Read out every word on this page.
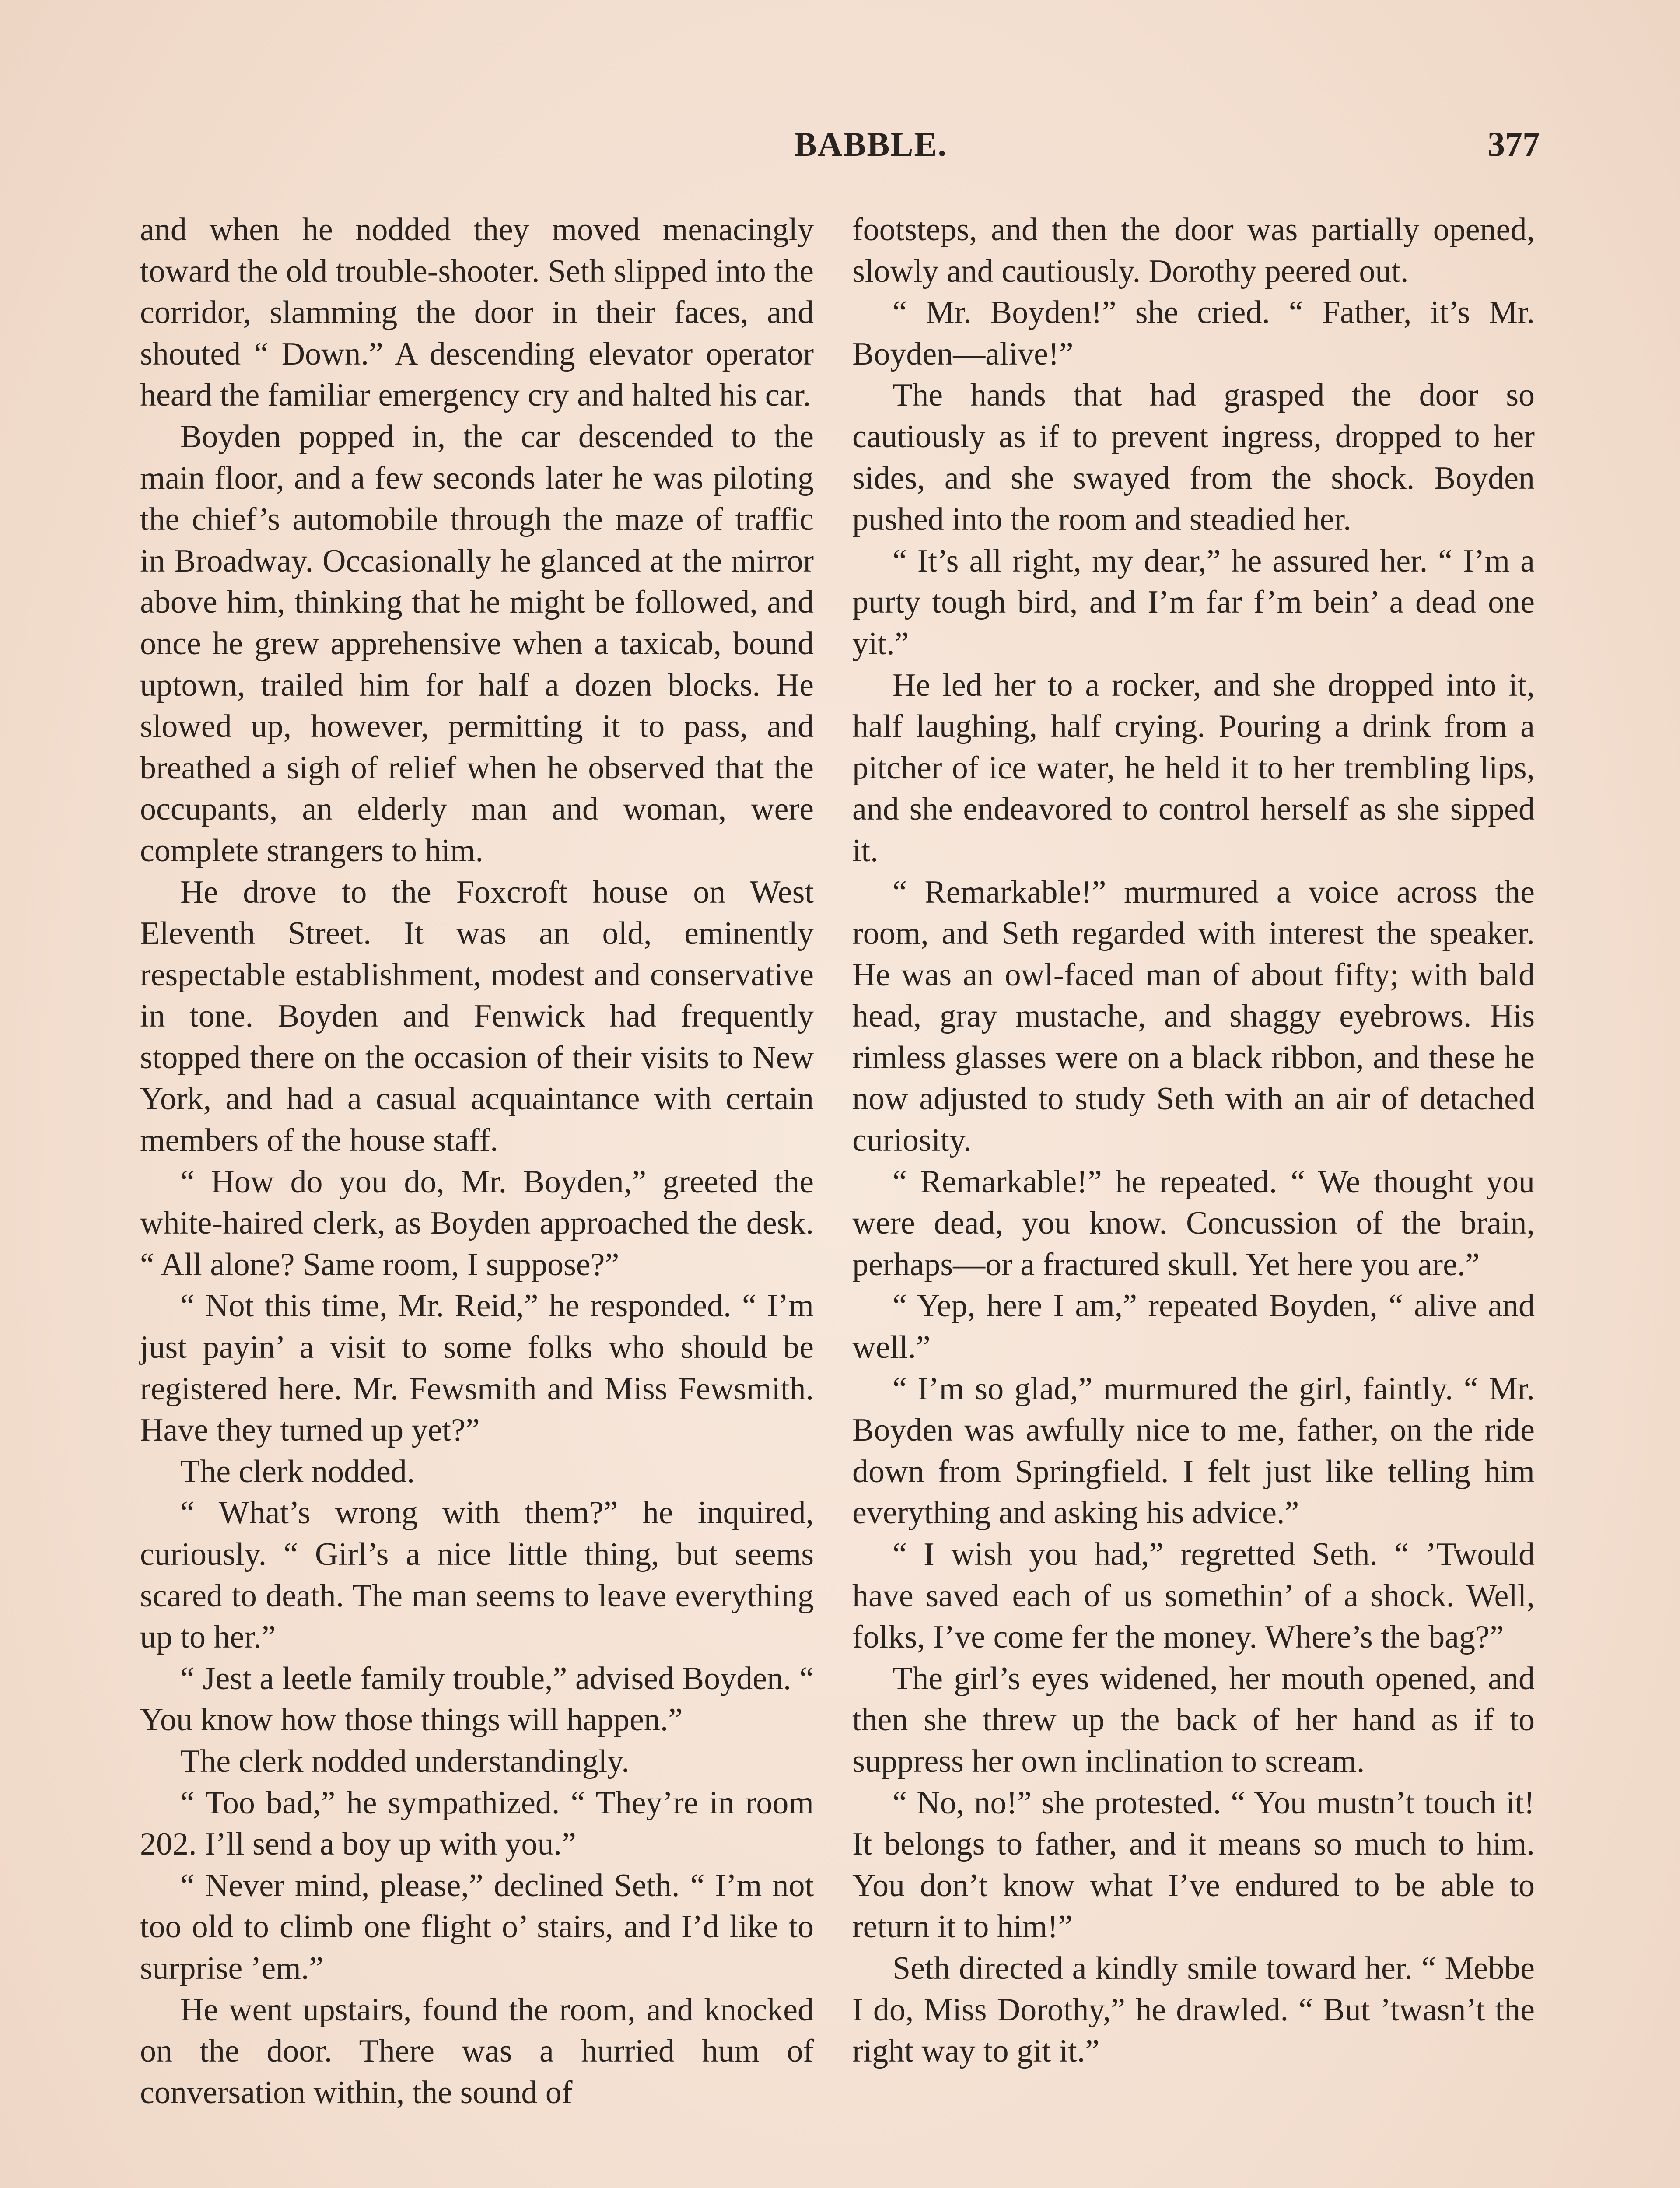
BABBLE.	377

and when he nodded they moved menacingly toward the old trouble-shooter. Seth slipped into the corridor, slamming the door in their faces, and shouted “ Down.” A descending elevator operator heard the familiar emergency cry and halted his car.

Boyden popped in, the car descended to the main floor, and a few seconds later he was piloting the chief’s automobile through the maze of traffic in Broadway. Occasionally he glanced at the mirror above him, thinking that he might be followed, and once he grew apprehensive when a taxicab, bound uptown, trailed him for half a dozen blocks. He slowed up, however, permitting it to pass, and breathed a sigh of relief when he observed that the occupants, an elderly man and woman, were complete strangers to him.

He drove to the Foxcroft house on West Eleventh Street. It was an old, eminently respectable establishment, modest and conservative in tone. Boyden and Fenwick had frequently stopped there on the occasion of their visits to New York, and had a casual acquaintance with certain members of the house staff.

“ How do you do, Mr. Boyden,” greeted the white-haired clerk, as Boyden approached the desk. “ All alone? Same room, I suppose?”

“ Not this time, Mr. Reid,” he responded. “ I’m just payin’ a visit to some folks who should be registered here. Mr. Fewsmith and Miss Fewsmith. Have they turned up yet?”

The clerk nodded.

“ What’s wrong with them?” he inquired, curiously. “ Girl’s a nice little thing, but seems scared to death. The man seems to leave everything up to her.”

“ Jest a leetle family trouble,” advised Boyden. “ You know how those things will happen.”

The clerk nodded understandingly.

“ Too bad,” he sympathized. “ They’re in room 202. I’ll send a boy up with you.”

“ Never mind, please,” declined Seth. “ I’m not too old to climb one flight o’ stairs, and I’d like to surprise ’em.”

He went upstairs, found the room, and knocked on the door. There was a hurried hum of conversation within, the sound of

footsteps, and then the door was partially opened, slowly and cautiously. Dorothy peered out.

“ Mr. Boyden!” she cried. “ Father, it’s Mr. Boyden—alive!”

The hands that had grasped the door so cautiously as if to prevent ingress, dropped to her sides, and she swayed from the shock. Boyden pushed into the room and steadied her.

“ It’s all right, my dear,” he assured her. “ I’m a purty tough bird, and I’m far f’m bein’ a dead one yit.”

He led her to a rocker, and she dropped into it, half laughing, half crying. Pouring a drink from a pitcher of ice water, he held it to her trembling lips, and she endeavored to control herself as she sipped it.

“ Remarkable!” murmured a voice across the room, and Seth regarded with interest the speaker. He was an owl-faced man of about fifty; with bald head, gray mustache, and shaggy eyebrows. His rimless glasses were on a black ribbon, and these he now adjusted to study Seth with an air of detached curiosity.

“ Remarkable!” he repeated. “ We thought you were dead, you know. Concussion of the brain, perhaps—or a fractured skull. Yet here you are.”

“ Yep, here I am,” repeated Boyden, “ alive and well.”

“ I’m so glad,” murmured the girl, faintly. “ Mr. Boyden was awfully nice to me, father, on the ride down from Springfield. I felt just like telling him everything and asking his advice.”

“ I wish you had,” regretted Seth. “ ’Twould have saved each of us somethin’ of a shock. Well, folks, I’ve come fer the money. Where’s the bag?”

The girl’s eyes widened, her mouth opened, and then she threw up the back of her hand as if to suppress her own inclination to scream.

“ No, no!” she protested. “ You mustn’t touch it! It belongs to father, and it means so much to him. You don’t know what I’ve endured to be able to return it to him!”

Seth directed a kindly smile toward her. “ Mebbe I do, Miss Dorothy,” he drawled. “ But ’twasn’t the right way to git it.”
